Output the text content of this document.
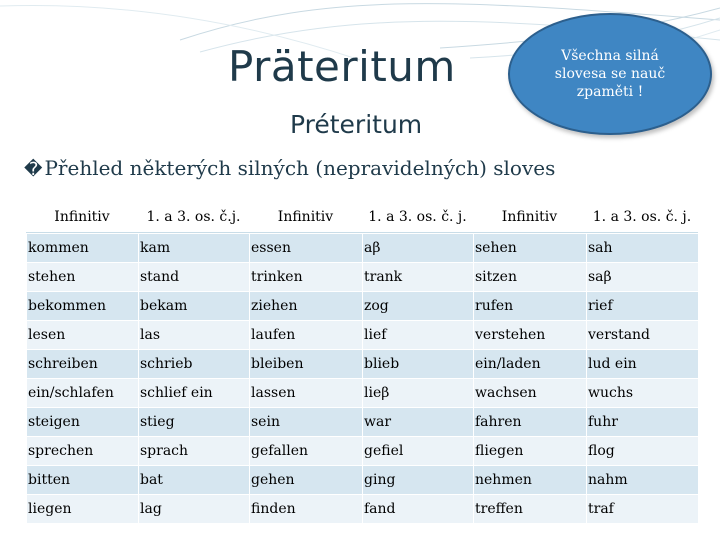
Präteritum
Préteritum
Všechna silná slovesa se nauč zpaměti !
� Přehled některých silných (nepravidelných) sloves
Infinitiv	1. a 3. os. č.j.	Infinitiv	1. a 3. os. č. j.	Infinitiv	1. a 3. os. č. j.
kommen	kam	essen	aβ	sehen	sah
stehen	stand	trinken	trank	sitzen	saβ
bekommen	bekam	ziehen	zog	rufen	rief
lesen	las	laufen	lief	verstehen	verstand
schreiben	schrieb	bleiben	blieb	ein/laden	lud ein
ein/schlafen	schlief ein	lassen	lieβ	wachsen	wuchs
steigen	stieg	sein	war	fahren	fuhr
sprechen	sprach	gefallen	gefiel	fliegen	flog
bitten	bat	gehen	ging	nehmen	nahm
liegen	lag	finden	fand	treffen	traf
